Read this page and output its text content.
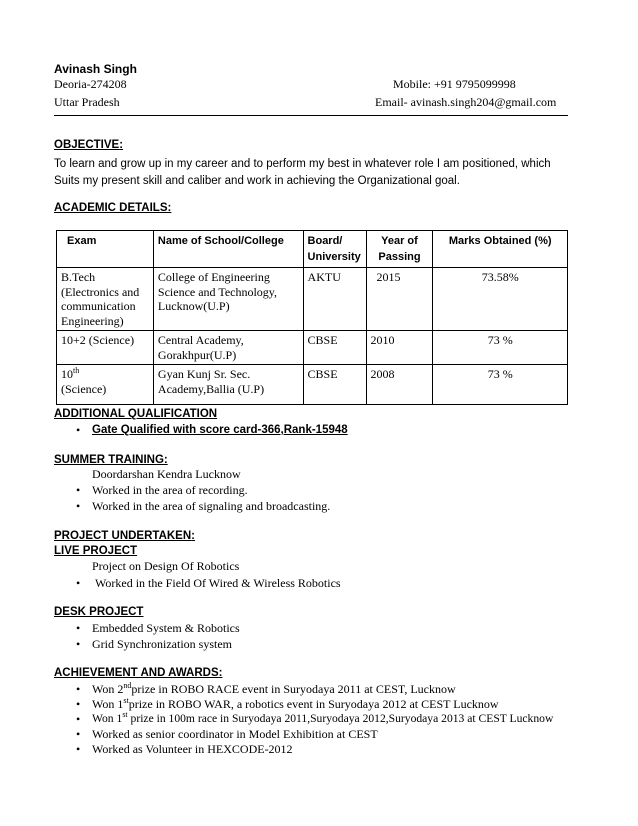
Avinash Singh
Deoria-274208
Uttar Pradesh
Mobile: +91 9795099998
Email- avinash.singh204@gmail.com
OBJECTIVE:
To learn and grow up in my career and to perform my best in whatever role I am positioned, which
Suits my present skill and caliber and work in achieving the Organizational goal.
ACADEMIC DETAILS:
Exam	Name of School/College	Board/ University	Year of Passing	Marks Obtained (%)
B.Tech (Electronics and communication Engineering)	College of Engineering Science and Technology, Lucknow(U.P)	AKTU	2015	73.58%
10+2 (Science)	Central Academy, Gorakhpur(U.P)	CBSE	2010	73 %
10th
(Science)	Gyan Kunj Sr. Sec. Academy,Ballia (U.P)	CBSE	2008	73 %
ADDITIONAL QUALIFICATION
• Gate Qualified with score card-366,Rank-15948
SUMMER TRAINING:
Doordarshan Kendra Lucknow
• Worked in the area of recording.
• Worked in the area of signaling and broadcasting.
PROJECT UNDERTAKEN:
LIVE PROJECT
Project on Design Of Robotics
• Worked in the Field Of Wired & Wireless Robotics
DESK PROJECT
• Embedded System & Robotics
• Grid Synchronization system
ACHIEVEMENT AND AWARDS:
• Won 2ndprize in ROBO RACE event in Suryodaya 2011 at CEST, Lucknow
• Won 1stprize in ROBO WAR, a robotics event in Suryodaya 2012 at CEST Lucknow
• Won 1st prize in 100m race in Suryodaya 2011,Suryodaya 2012,Suryodaya 2013 at CEST Lucknow
• Worked as senior coordinator in Model Exhibition at CEST
• Worked as Volunteer in HEXCODE-2012
